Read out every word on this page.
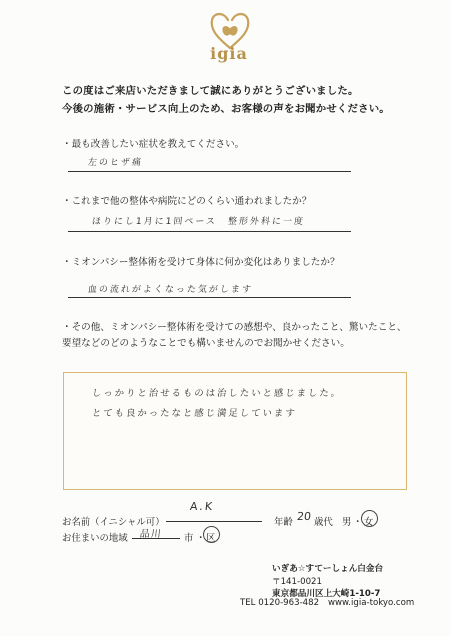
igia
この度はご来店いただきまして誠にありがとうございました。
今後の施術・サービス向上のため、お客様の声をお聞かせください。
・最も改善したい症状を教えてください。
左のヒザ痛
・これまで他の整体や病院にどのくらい通われましたか？
ほりにし1月に1回ペース　整形外科に一度
・ミオンパシー整体術を受けて身体に何か変化はありましたか？
血の流れがよくなった気がします
・その他、ミオンパシー整体術を受けての感想や、良かったこと、驚いたこと、
要望などのどのようなことでも構いませんのでお聞かせください。
しっかりと治せるものは治したいと感じました。
とても良かったなと感じ満足しています
お名前（イニシャル可）
A.K
年齢 20 歳代 男 ・ 女
お住まいの地域 品川 市 ・ 区
いぎあ☆すてーしょん白金台
〒141-0021
東京都品川区上大崎1-10-7
TEL 0120-963-482 www.igia-tokyo.com
